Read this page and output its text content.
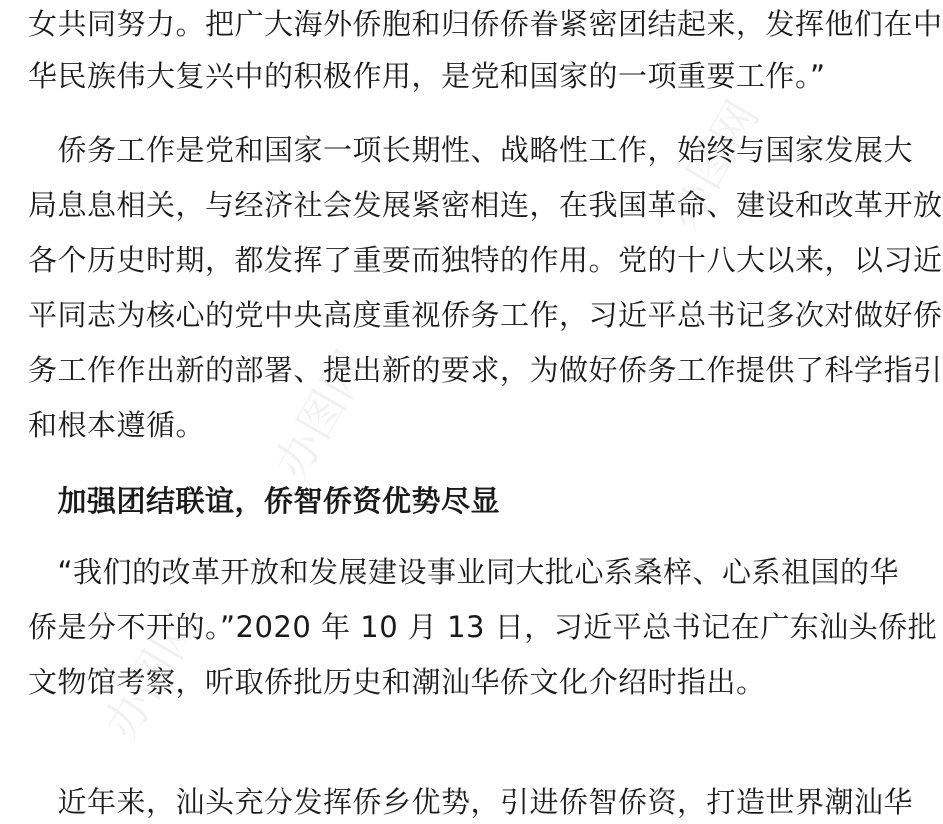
办图网
办图网
办图网
女共同努力。把广大海外侨胞和归侨侨眷紧密团结起来，发挥他们在中
华民族伟大复兴中的积极作用，是党和国家的一项重要工作。”
　侨务工作是党和国家一项长期性、战略性工作，始终与国家发展大
局息息相关，与经济社会发展紧密相连，在我国革命、建设和改革开放
各个历史时期，都发挥了重要而独特的作用。党的十八大以来，以习近
平同志为核心的党中央高度重视侨务工作，习近平总书记多次对做好侨
务工作作出新的部署、提出新的要求，为做好侨务工作提供了科学指引
和根本遵循。
　加强团结联谊，侨智侨资优势尽显
　“我们的改革开放和发展建设事业同大批心系桑梓、心系祖国的华
侨是分不开的。”2020 年 10 月 13 日，习近平总书记在广东汕头侨批
文物馆考察，听取侨批历史和潮汕华侨文化介绍时指出。
　近年来，汕头充分发挥侨乡优势，引进侨智侨资，打造世界潮汕华
